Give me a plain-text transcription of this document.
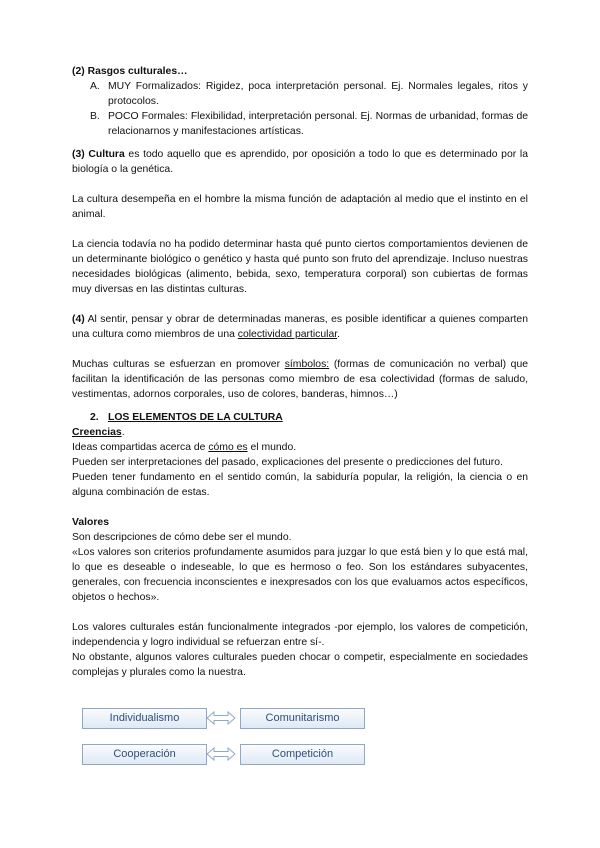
(2) Rasgos culturales…

A. MUY Formalizados: Rigidez, poca interpretación personal. Ej. Normales legales, ritos y protocolos.
B. POCO Formales: Flexibilidad, interpretación personal. Ej. Normas de urbanidad, formas de relacionarnos y manifestaciones artísticas.

(3) Cultura es todo aquello que es aprendido, por oposición a todo lo que es determinado por la biología o la genética.

La cultura desempeña en el hombre la misma función de adaptación al medio que el instinto en el animal.

La ciencia todavía no ha podido determinar hasta qué punto ciertos comportamientos devienen de un determinante biológico o genético y hasta qué punto son fruto del aprendizaje. Incluso nuestras necesidades biológicas (alimento, bebida, sexo, temperatura corporal) son cubiertas de formas muy diversas en las distintas culturas.

(4) Al sentir, pensar y obrar de determinadas maneras, es posible identificar a quienes comparten una cultura como miembros de una colectividad particular.

Muchas culturas se esfuerzan en promover símbolos: (formas de comunicación no verbal) que facilitan la identificación de las personas como miembro de esa colectividad (formas de saludo, vestimentas, adornos corporales, uso de colores, banderas, himnos…)

2. LOS ELEMENTOS DE LA CULTURA

Creencias.

Ideas compartidas acerca de cómo es el mundo.

Pueden ser interpretaciones del pasado, explicaciones del presente o predicciones del futuro.

Pueden tener fundamento en el sentido común, la sabiduría popular, la religión, la ciencia o en alguna combinación de estas.

Valores

Son descripciones de cómo debe ser el mundo.

«Los valores son criterios profundamente asumidos para juzgar lo que está bien y lo que está mal, lo que es deseable o indeseable, lo que es hermoso o feo. Son los estándares subyacentes, generales, con frecuencia inconscientes e inexpresados con los que evaluamos actos específicos, objetos o hechos».

Los valores culturales están funcionalmente integrados -por ejemplo, los valores de competición, independencia y logro individual se refuerzan entre sí-.

No obstante, algunos valores culturales pueden chocar o competir, especialmente en sociedades complejas y plurales como la nuestra.

Individualismo	Comunitarismo
Cooperación	Competición
